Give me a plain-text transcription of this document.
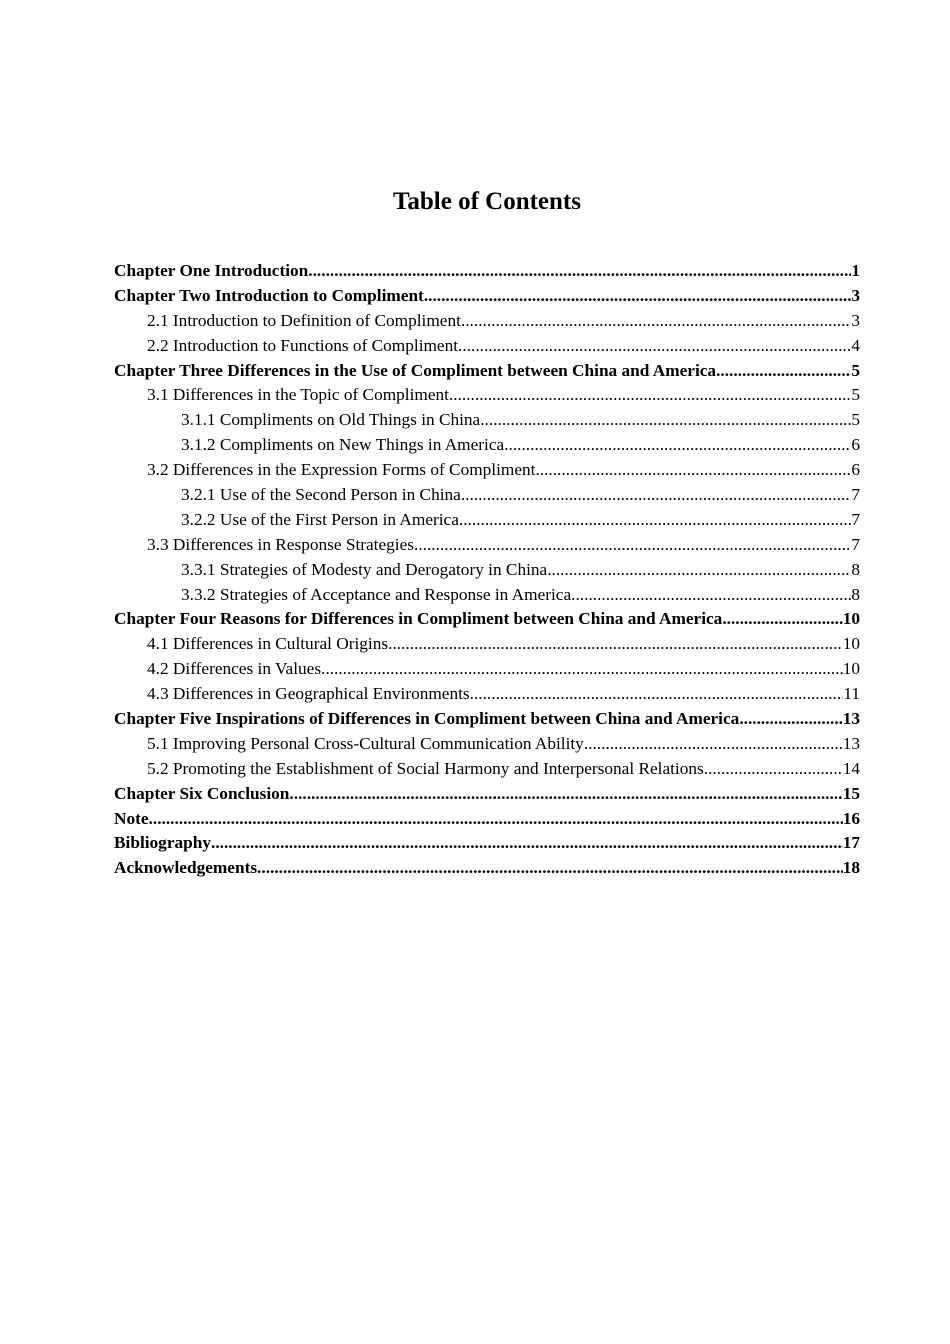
Table of Contents
Chapter One Introduction .....	1
Chapter Two Introduction to Compliment .....	3
2.1 Introduction to Definition of Compliment .....	3
2.2 Introduction to Functions of Compliment .....	4
Chapter Three Differences in the Use of Compliment between China and America .....	5
3.1 Differences in the Topic of Compliment .....	5
3.1.1 Compliments on Old Things in China .....	5
3.1.2 Compliments on New Things in America .....	6
3.2 Differences in the Expression Forms of Compliment .....	6
3.2.1 Use of the Second Person in China .....	7
3.2.2 Use of the First Person in America .....	7
3.3 Differences in Response Strategies .....	7
3.3.1 Strategies of Modesty and Derogatory in China .....	8
3.3.2 Strategies of Acceptance and Response in America .....	8
Chapter Four Reasons for Differences in Compliment between China and America .....	10
4.1 Differences in Cultural Origins .....	10
4.2 Differences in Values .....	10
4.3 Differences in Geographical Environments .....	11
Chapter Five Inspirations of Differences in Compliment between China and America .....	13
5.1 Improving Personal Cross-Cultural Communication Ability .....	13
5.2 Promoting the Establishment of Social Harmony and Interpersonal Relations .....	14
Chapter Six Conclusion .....	15
Note .....	16
Bibliography .....	17
Acknowledgements .....	18
